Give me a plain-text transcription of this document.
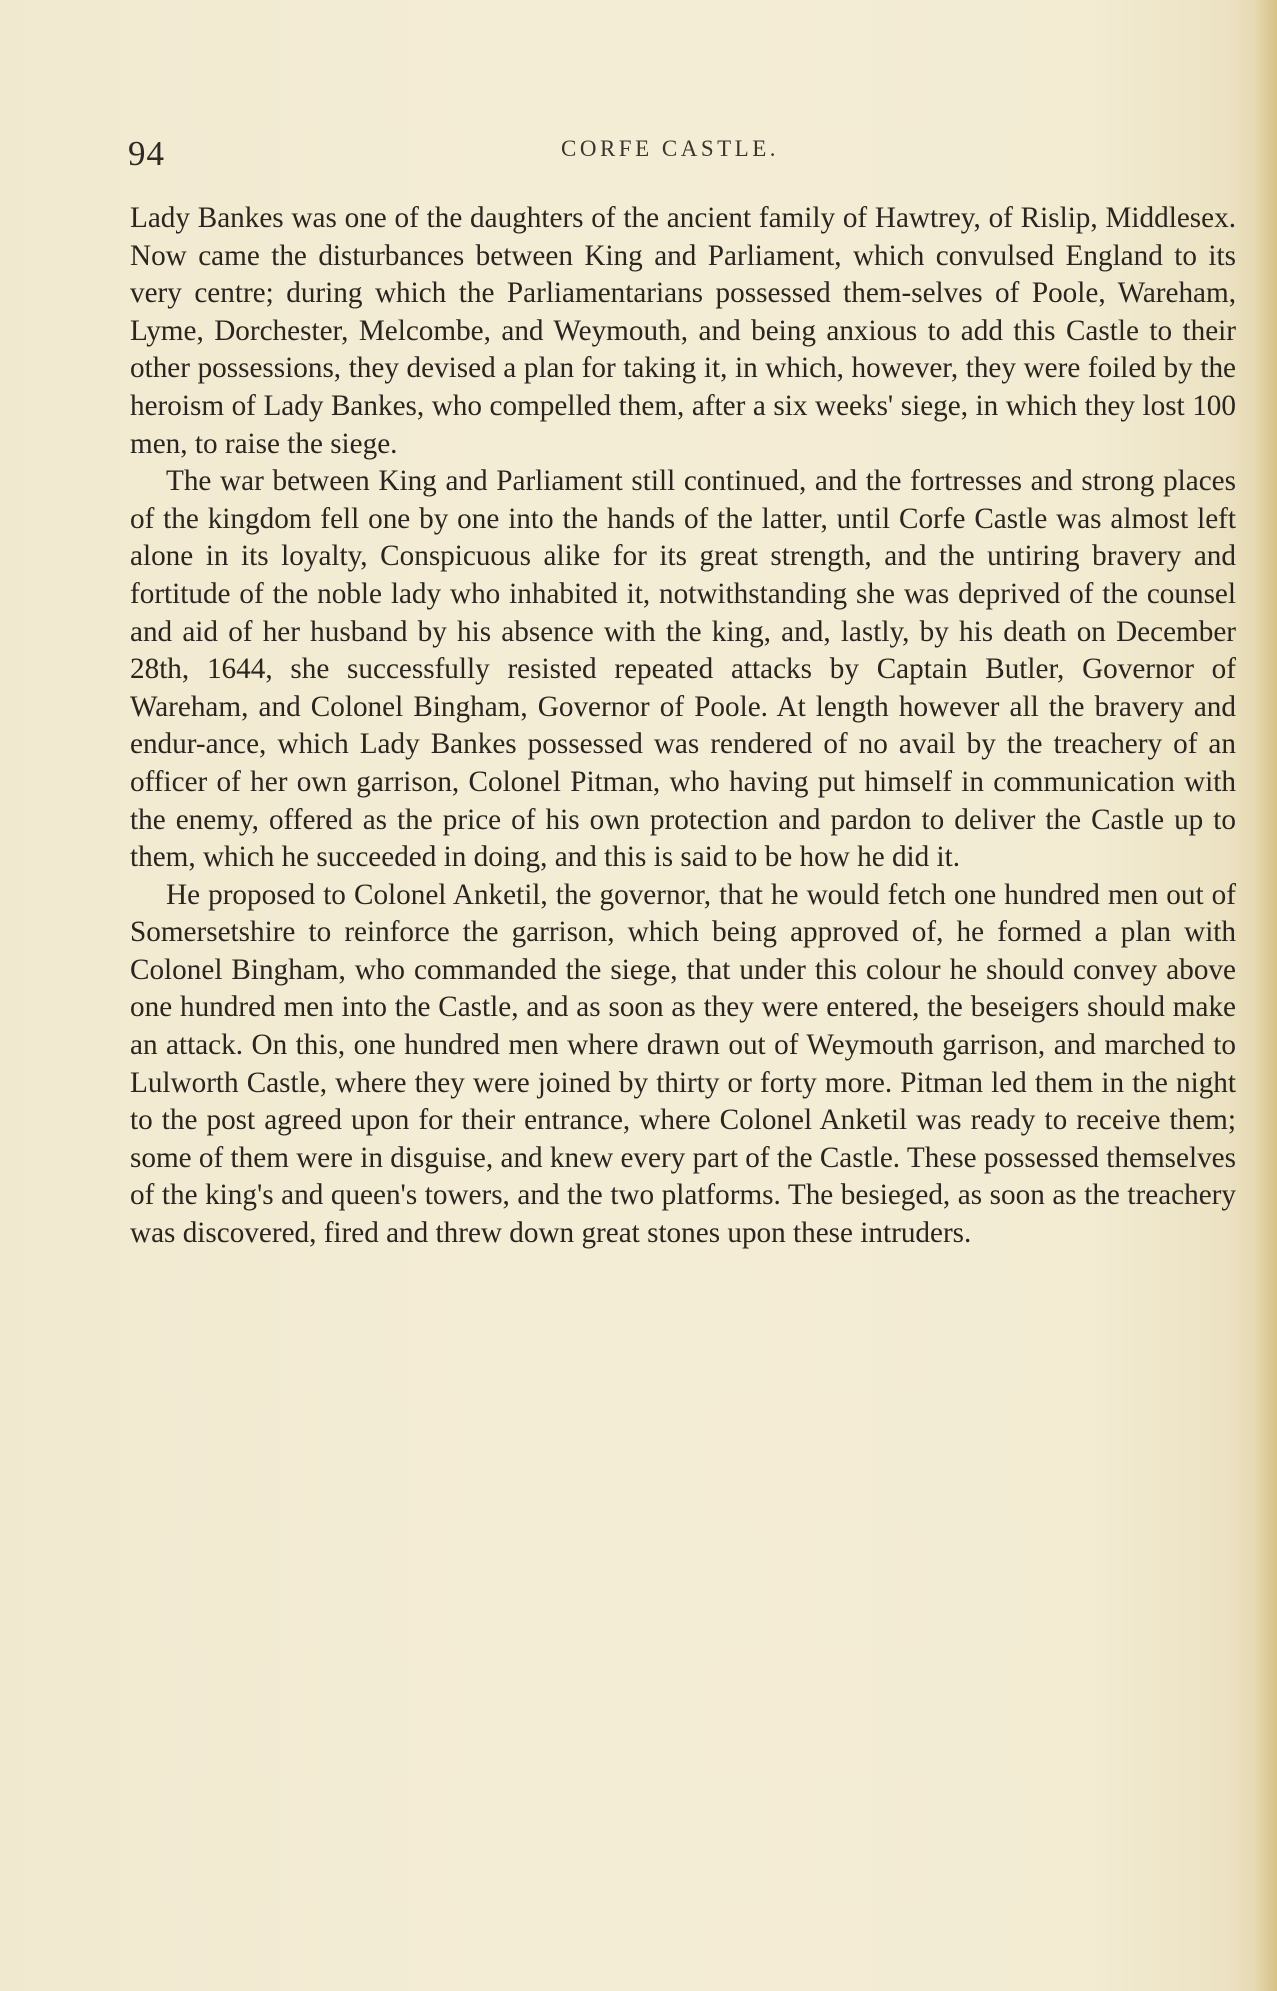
94	CORFE CASTLE.

Lady Bankes was one of the daughters of the ancient family of Hawtrey, of Rislip, Middlesex. Now came the disturbances between King and Parliament, which convulsed England to its very centre; during which the Parliamentarians possessed them-selves of Poole, Wareham, Lyme, Dorchester, Melcombe, and Weymouth, and being anxious to add this Castle to their other possessions, they devised a plan for taking it, in which, however, they were foiled by the heroism of Lady Bankes, who compelled them, after a six weeks' siege, in which they lost 100 men, to raise the siege.

The war between King and Parliament still continued, and the fortresses and strong places of the kingdom fell one by one into the hands of the latter, until Corfe Castle was almost left alone in its loyalty, Conspicuous alike for its great strength, and the untiring bravery and fortitude of the noble lady who inhabited it, notwithstanding she was deprived of the counsel and aid of her husband by his absence with the king, and, lastly, by his death on December 28th, 1644, she successfully resisted repeated attacks by Captain Butler, Governor of Wareham, and Colonel Bingham, Governor of Poole. At length however all the bravery and endur-ance, which Lady Bankes possessed was rendered of no avail by the treachery of an officer of her own garrison, Colonel Pitman, who having put himself in communication with the enemy, offered as the price of his own protection and pardon to deliver the Castle up to them, which he succeeded in doing, and this is said to be how he did it.

He proposed to Colonel Anketil, the governor, that he would fetch one hundred men out of Somersetshire to reinforce the garrison, which being approved of, he formed a plan with Colonel Bingham, who commanded the siege, that under this colour he should convey above one hundred men into the Castle, and as soon as they were entered, the beseigers should make an attack. On this, one hundred men where drawn out of Weymouth garrison, and marched to Lulworth Castle, where they were joined by thirty or forty more. Pitman led them in the night to the post agreed upon for their entrance, where Colonel Anketil was ready to receive them; some of them were in disguise, and knew every part of the Castle. These possessed themselves of the king's and queen's towers, and the two platforms. The besieged, as soon as the treachery was discovered, fired and threw down great stones upon these intruders.
